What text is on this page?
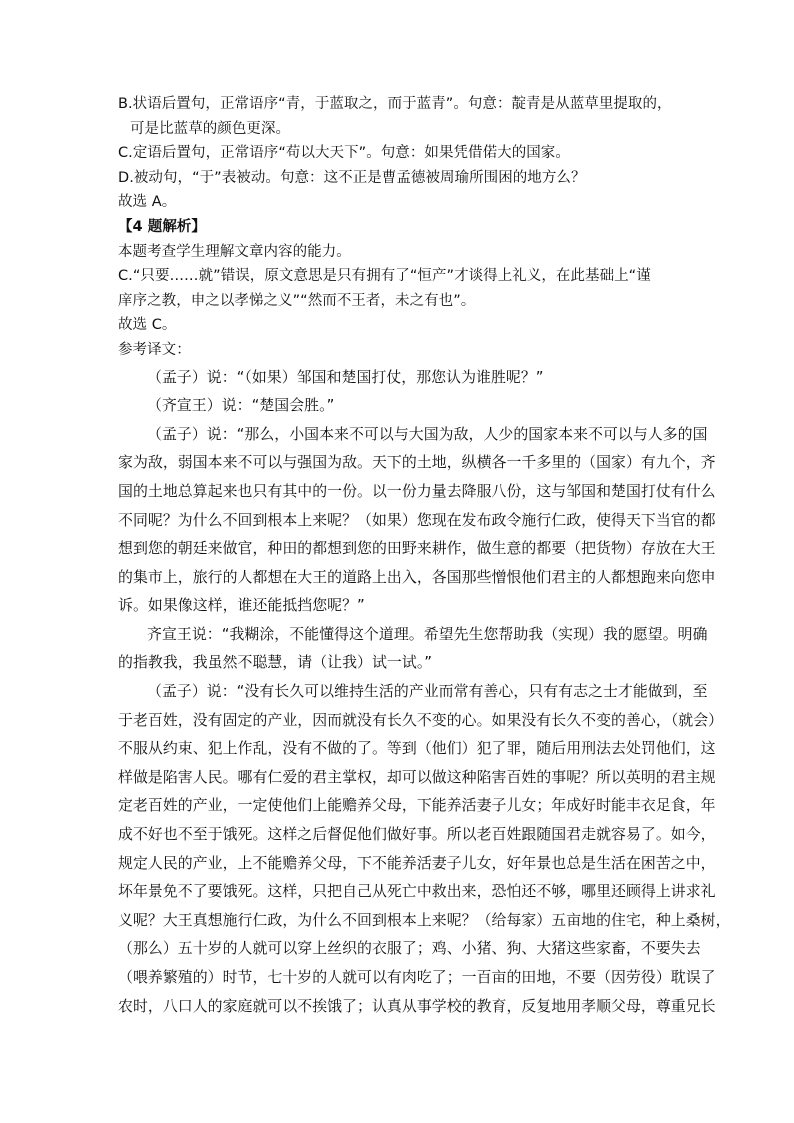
B.状语后置句，正常语序“青，于蓝取之，而于蓝青”。句意：靛青是从蓝草里提取的，
可是比蓝草的颜色更深。
C.定语后置句，正常语序“苟以大天下”。句意：如果凭借偌大的国家。
D.被动句，“于”表被动。句意：这不正是曹孟德被周瑜所围困的地方么？
故选 A。
【4 题解析】
本题考查学生理解文章内容的能力。
C.“只要……就”错误，原文意思是只有拥有了“恒产”才谈得上礼义，在此基础上“谨
庠序之教，申之以孝悌之义”“然而不王者，未之有也”。
故选 C。
参考译文：
（孟子）说：“（如果）邹国和楚国打仗，那您认为谁胜呢？”
（齐宣王）说：“楚国会胜。”
（孟子）说：“那么，小国本来不可以与大国为敌，人少的国家本来不可以与人多的国
家为敌，弱国本来不可以与强国为敌。天下的土地，纵横各一千多里的（国家）有九个，齐
国的土地总算起来也只有其中的一份。以一份力量去降服八份，这与邹国和楚国打仗有什么
不同呢？为什么不回到根本上来呢？（如果）您现在发布政令施行仁政，使得天下当官的都
想到您的朝廷来做官，种田的都想到您的田野来耕作，做生意的都要（把货物）存放在大王
的集市上，旅行的人都想在大王的道路上出入，各国那些憎恨他们君主的人都想跑来向您申
诉。如果像这样，谁还能抵挡您呢？”
齐宣王说：“我糊涂，不能懂得这个道理。希望先生您帮助我（实现）我的愿望。明确
的指教我，我虽然不聪慧，请（让我）试一试。”
（孟子）说：“没有长久可以维持生活的产业而常有善心，只有有志之士才能做到，至
于老百姓，没有固定的产业，因而就没有长久不变的心。如果没有长久不变的善心，（就会）
不服从约束、犯上作乱，没有不做的了。等到（他们）犯了罪，随后用刑法去处罚他们，这
样做是陷害人民。哪有仁爱的君主掌权，却可以做这种陷害百姓的事呢？所以英明的君主规
定老百姓的产业，一定使他们上能赡养父母，下能养活妻子儿女；年成好时能丰衣足食，年
成不好也不至于饿死。这样之后督促他们做好事。所以老百姓跟随国君走就容易了。如今，
规定人民的产业，上不能赡养父母，下不能养活妻子儿女，好年景也总是生活在困苦之中，
坏年景免不了要饿死。这样，只把自己从死亡中救出来，恐怕还不够，哪里还顾得上讲求礼
义呢？大王真想施行仁政，为什么不回到根本上来呢？（给每家）五亩地的住宅，种上桑树，
（那么）五十岁的人就可以穿上丝织的衣服了；鸡、小猪、狗、大猪这些家畜，不要失去
（喂养繁殖的）时节，七十岁的人就可以有肉吃了；一百亩的田地，不要（因劳役）耽误了
农时，八口人的家庭就可以不挨饿了；认真从事学校的教育，反复地用孝顺父母，尊重兄长
